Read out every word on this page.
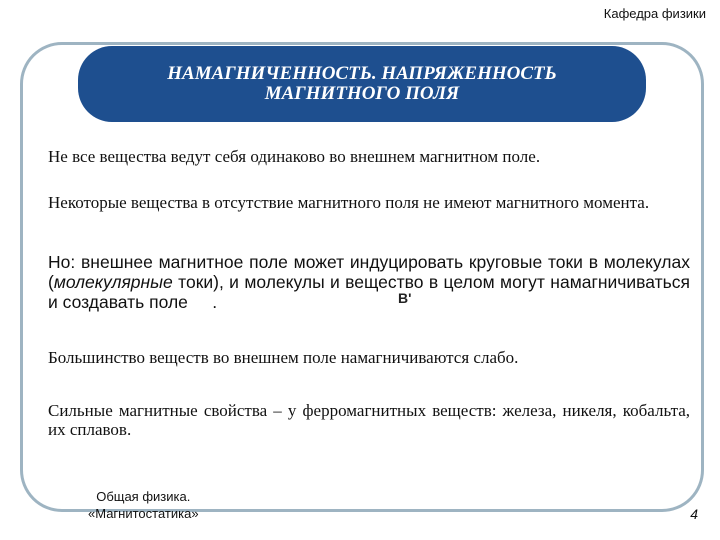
Кафедра физики
НАМАГНИЧЕННОСТЬ. НАПРЯЖЕННОСТЬ
МАГНИТНОГО ПОЛЯ
Не все вещества ведут себя одинаково во внешнем магнитном поле.
Некоторые вещества в отсутствие магнитного поля не имеют магнитного момента.
Но: внешнее магнитное поле может индуцировать круговые токи в молекулах (молекулярные токи), и молекулы и вещество в целом могут намагничиваться и создавать поле     .	B'
Большинство веществ во внешнем поле намагничиваются слабо.
Сильные магнитные свойства – у ферромагнитных веществ: железа, никеля, кобальта, их сплавов.
Общая физика.
«Магнитостатика»	4
